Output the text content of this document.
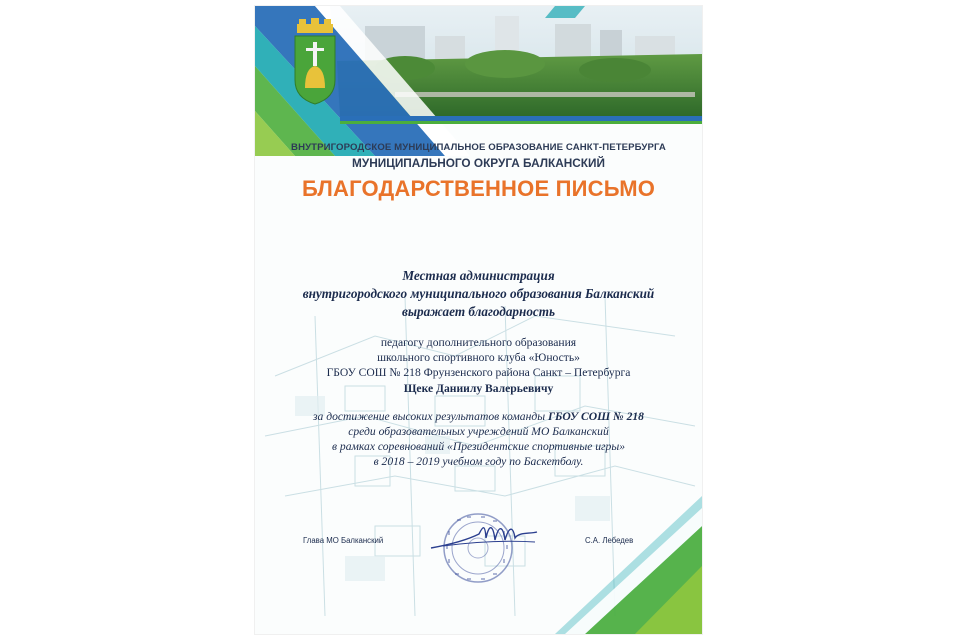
ВНУТРИГОРОДСКОЕ МУНИЦИПАЛЬНОЕ ОБРАЗОВАНИЕ САНКТ-ПЕТЕРБУРГА

МУНИЦИПАЛЬНОГО ОКРУГА БАЛКАНСКИЙ

БЛАГОДАРСТВЕННОЕ ПИСЬМО

Местная администрация

внутригородского муниципального образования Балканский

выражает благодарность

педагогу дополнительного образования

школьного спортивного клуба «Юность»

ГБОУ СОШ № 218 Фрунзенского района Санкт – Петербурга

Щеке Даниилу Валерьевичу

за достижение высоких результатов команды ГБОУ СОШ № 218

среди образовательных учреждений МО Балканский

в рамках соревнований «Президентские спортивные игры»

в 2018 – 2019 учебном году по Баскетболу.

Глава МО Балканский	С.А. Лебедев
